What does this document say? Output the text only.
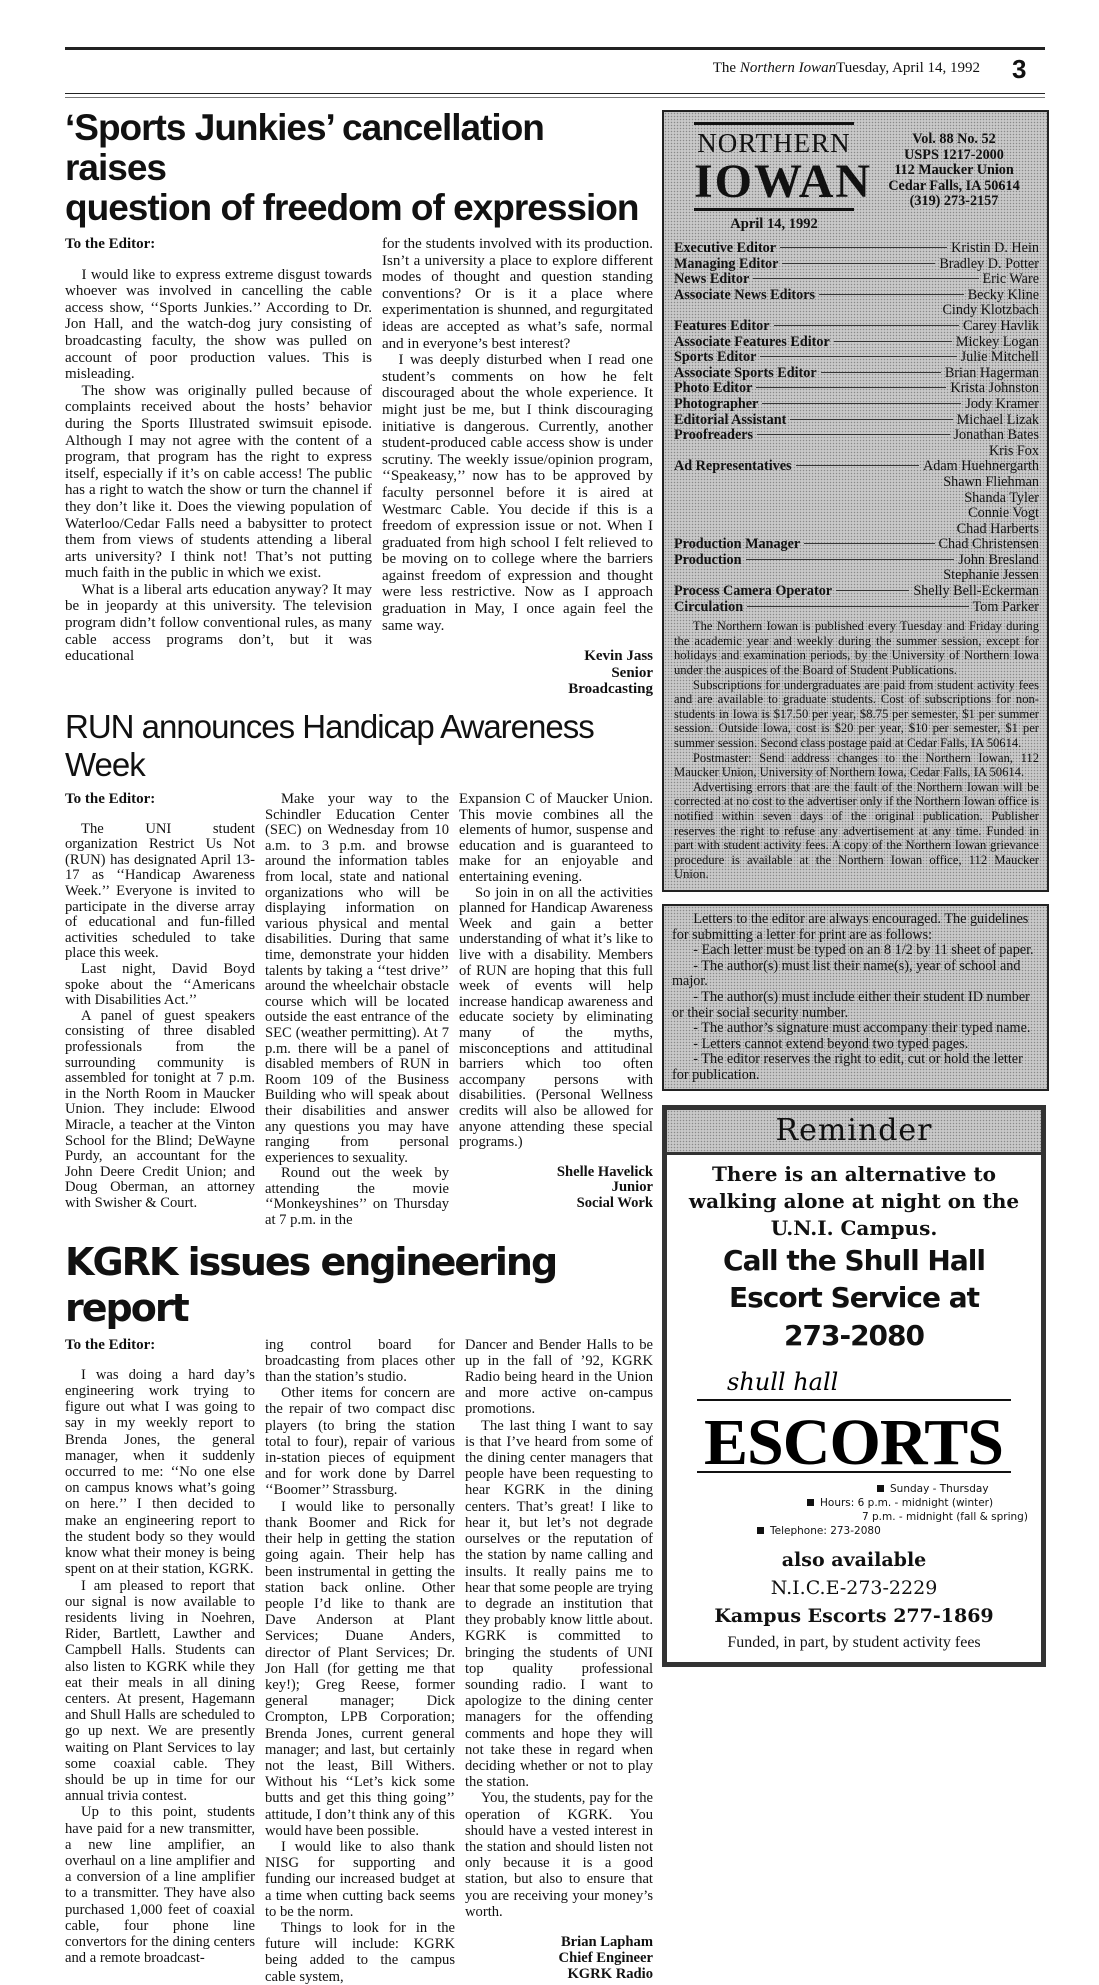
The Northern IowanTuesday, April 14, 1992 3
‘Sports Junkies’ cancellation raises
question of freedom of expression

To the Editor:

I would like to express extreme disgust towards whoever was involved in cancelling the cable access show, ‘‘Sports Junkies.’’ According to Dr. Jon Hall, and the watch-dog jury consisting of broadcasting faculty, the show was pulled on account of poor production values. This is misleading.

The show was originally pulled because of complaints received about the hosts’ behavior during the Sports Illustrated swimsuit episode. Although I may not agree with the content of a program, that program has the right to express itself, especially if it’s on cable access! The public has a right to watch the show or turn the channel if they don’t like it. Does the viewing population of Waterloo/Cedar Falls need a babysitter to protect them from views of students attending a liberal arts university? I think not! That’s not putting much faith in the public in which we exist.

What is a liberal arts education anyway? It may be in jeopardy at this university. The television program didn’t follow conventional rules, as many cable access programs don’t, but it was educational

for the students involved with its production. Isn’t a university a place to explore different modes of thought and question standing conventions? Or is it a place where experimentation is shunned, and regurgitated ideas are accepted as what’s safe, normal and in everyone’s best interest?

I was deeply disturbed when I read one student’s comments on how he felt discouraged about the whole experience. It might just be me, but I think discouraging initiative is dangerous. Currently, another student-produced cable access show is under scrutiny. The weekly issue/opinion program, ‘‘Speakeasy,’’ now has to be approved by faculty personnel before it is aired at Westmarc Cable. You decide if this is a freedom of expression issue or not. When I graduated from high school I felt relieved to be moving on to college where the barriers against freedom of expression and thought were less restrictive. Now as I approach graduation in May, I once again feel the same way.

Kevin Jass
Senior
Broadcasting
RUN announces Handicap Awareness Week

To the Editor:

The UNI student organization Restrict Us Not (RUN) has designated April 13-17 as ‘‘Handicap Awareness Week.’’ Everyone is invited to participate in the diverse array of educational and fun-filled activities scheduled to take place this week.

Last night, David Boyd spoke about the ‘‘Americans with Disabilities Act.’’

A panel of guest speakers consisting of three disabled professionals from the surrounding community is assembled for tonight at 7 p.m. in the North Room in Maucker Union. They include: Elwood Miracle, a teacher at the Vinton School for the Blind; DeWayne Purdy, an accountant for the John Deere Credit Union; and Doug Oberman, an attorney with Swisher & Court.

Make your way to the Schindler Education Center (SEC) on Wednesday from 10 a.m. to 3 p.m. and browse around the information tables from local, state and national organizations who will be displaying information on various physical and mental disabilities. During that same time, demonstrate your hidden talents by taking a ‘‘test drive’’ around the wheelchair obstacle course which will be located outside the east entrance of the SEC (weather permitting). At 7 p.m. there will be a panel of disabled members of RUN in Room 109 of the Business Building who will speak about their disabilities and answer any questions you may have ranging from personal experiences to sexuality.

Round out the week by attending the movie ‘‘Monkeyshines’’ on Thursday at 7 p.m. in the

Expansion C of Maucker Union. This movie combines all the elements of humor, suspense and education and is guaranteed to make for an enjoyable and entertaining evening.

So join in on all the activities planned for Handicap Awareness Week and gain a better understanding of what it’s like to live with a disability. Members of RUN are hoping that this full week of events will help increase handicap awareness and educate society by eliminating many of the myths, misconceptions and attitudinal barriers which too often accompany persons with disabilities. (Personal Wellness credits will also be allowed for anyone attending these special programs.)

Shelle Havelick
Junior
Social Work
KGRK issues engineering report

To the Editor:

I was doing a hard day’s engineering work trying to figure out what I was going to say in my weekly report to Brenda Jones, the general manager, when it suddenly occurred to me: ‘‘No one else on campus knows what’s going on here.’’ I then decided to make an engineering report to the student body so they would know what their money is being spent on at their station, KGRK.

I am pleased to report that our signal is now available to residents living in Noehren, Rider, Bartlett, Lawther and Campbell Halls. Students can also listen to KGRK while they eat their meals in all dining centers. At present, Hagemann and Shull Halls are scheduled to go up next. We are presently waiting on Plant Services to lay some coaxial cable. They should be up in time for our annual trivia contest.

Up to this point, students have paid for a new transmitter, a new line amplifier, an overhaul on a line amplifier and a conversion of a line amplifier to a transmitter. They have also purchased 1,000 feet of coaxial cable, four phone line convertors for the dining centers and a remote broadcast-

ing control board for broadcasting from places other than the station’s studio.

Other items for concern are the repair of two compact disc players (to bring the station total to four), repair of various in-station pieces of equipment and for work done by Darrel ‘‘Boomer’’ Strassburg.

I would like to personally thank Boomer and Rick for their help in getting the station going again. Their help has been instrumental in getting the station back online. Other people I’d like to thank are Dave Anderson at Plant Services; Duane Anders, director of Plant Services; Dr. Jon Hall (for getting me that key!); Greg Reese, former general manager; Dick Crompton, LPB Corporation; Brenda Jones, current general manager; and last, but certainly not the least, Bill Withers. Without his ‘‘Let’s kick some butts and get this thing going’’ attitude, I don’t think any of this would have been possible.

I would like to also thank NISG for supporting and funding our increased budget at a time when cutting back seems to be the norm.

Things to look for in the future will include: KGRK being added to the campus cable system,

Dancer and Bender Halls to be up in the fall of ’92, KGRK Radio being heard in the Union and more active on-campus promotions.

The last thing I want to say is that I’ve heard from some of the dining center managers that people have been requesting to hear KGRK in the dining centers. That’s great! I like to hear it, but let’s not degrade ourselves or the reputation of the station by name calling and insults. It really pains me to hear that some people are trying to degrade an institution that they probably know little about. KGRK is committed to bringing the students of UNI top quality professional sounding radio. I want to apologize to the dining center managers for the offending comments and hope they will not take these in regard when deciding whether or not to play the station.

You, the students, pay for the operation of KGRK. You should have a vested interest in the station and should listen not only because it is a good station, but also to ensure that you are receiving your money’s worth.

Brian Lapham
Chief Engineer
KGRK Radio
NORTHERN
IOWAN
April 14, 1992
Vol. 88 No. 52
USPS 1217-2000
112 Maucker Union
Cedar Falls, IA 50614
(319) 273-2157
Executive Editor	Kristin D. Hein
Managing Editor	Bradley D. Potter
News Editor	Eric Ware
Associate News Editors	Becky Kline
Cindy Klotzbach
Features Editor	Carey Havlik
Associate Features Editor	Mickey Logan
Sports Editor	Julie Mitchell
Associate Sports Editor	Brian Hagerman
Photo Editor	Krista Johnston
Photographer	Jody Kramer
Editorial Assistant	Michael Lizak
Proofreaders	Jonathan Bates
Kris Fox
Ad Representatives	Adam Huehnergarth
Shawn Fliehman
Shanda Tyler
Connie Vogt
Chad Harberts
Production Manager	Chad Christensen
Production	John Bresland
Stephanie Jessen
Process Camera Operator	Shelly Bell-Eckerman
Circulation	Tom Parker

The Northern Iowan is published every Tuesday and Friday during the academic year and weekly during the summer session, except for holidays and examination periods, by the University of Northern Iowa under the auspices of the Board of Student Publications.

Subscriptions for undergraduates are paid from student activity fees and are available to graduate students. Cost of subscriptions for non-students in Iowa is $17.50 per year, $8.75 per semester, $1 per summer session. Outside Iowa, cost is $20 per year, $10 per semester, $1 per summer session. Second class postage paid at Cedar Falls, IA 50614.

Postmaster: Send address changes to the Northern Iowan, 112 Maucker Union, University of Northern Iowa, Cedar Falls, IA 50614.

Advertising errors that are the fault of the Northern Iowan will be corrected at no cost to the advertiser only if the Northern Iowan office is notified within seven days of the original publication. Publisher reserves the right to refuse any advertisement at any time. Funded in part with student activity fees. A copy of the Northern Iowan grievance procedure is available at the Northern Iowan office, 112 Maucker Union.

Letters to the editor are always encouraged. The guidelines for submitting a letter for print are as follows:
- Each letter must be typed on an 8 1/2 by 11 sheet of paper.
- The author(s) must list their name(s), year of school and major.
- The author(s) must include either their student ID number or their social security number.
- The author’s signature must accompany their typed name.
- Letters cannot extend beyond two typed pages.
- The editor reserves the right to edit, cut or hold the letter for publication.
Reminder
There is an alternative to
walking alone at night on the
U.N.I. Campus.
Call the Shull Hall
Escort Service at
273-2080
shull hall
ESCORTS
Sunday - Thursday
Hours: 6 p.m. - midnight (winter)
7 p.m. - midnight (fall & spring)
Telephone: 273-2080
also available
N.I.C.E-273-2229
Kampus Escorts 277-1869
Funded, in part, by student activity fees
